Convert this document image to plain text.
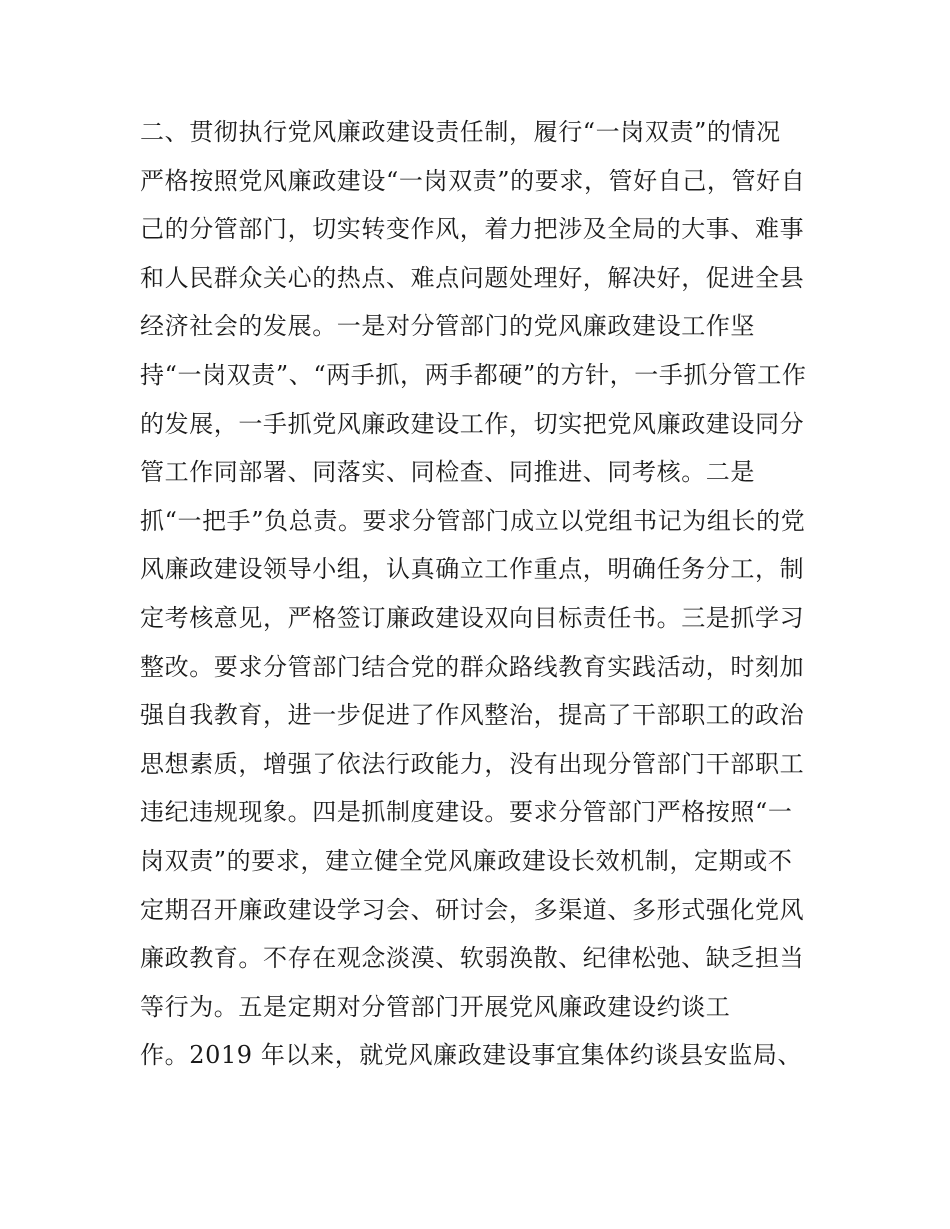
二、贯彻执行党风廉政建设责任制，履行“一岗双责”的情况
严格按照党风廉政建设“一岗双责”的要求，管好自己，管好自
己的分管部门，切实转变作风，着力把涉及全局的大事、难事
和人民群众关心的热点、难点问题处理好，解决好，促进全县
经济社会的发展。一是对分管部门的党风廉政建设工作坚
持“一岗双责”、“两手抓，两手都硬”的方针，一手抓分管工作
的发展，一手抓党风廉政建设工作，切实把党风廉政建设同分
管工作同部署、同落实、同检查、同推进、同考核。二是
抓“一把手”负总责。要求分管部门成立以党组书记为组长的党
风廉政建设领导小组，认真确立工作重点，明确任务分工，制
定考核意见，严格签订廉政建设双向目标责任书。三是抓学习
整改。要求分管部门结合党的群众路线教育实践活动，时刻加
强自我教育，进一步促进了作风整治，提高了干部职工的政治
思想素质，增强了依法行政能力，没有出现分管部门干部职工
违纪违规现象。四是抓制度建设。要求分管部门严格按照“一
岗双责”的要求，建立健全党风廉政建设长效机制，定期或不
定期召开廉政建设学习会、研讨会，多渠道、多形式强化党风
廉政教育。不存在观念淡漠、软弱涣散、纪律松弛、缺乏担当
等行为。五是定期对分管部门开展党风廉政建设约谈工
作。2019 年以来，就党风廉政建设事宜集体约谈县安监局、
